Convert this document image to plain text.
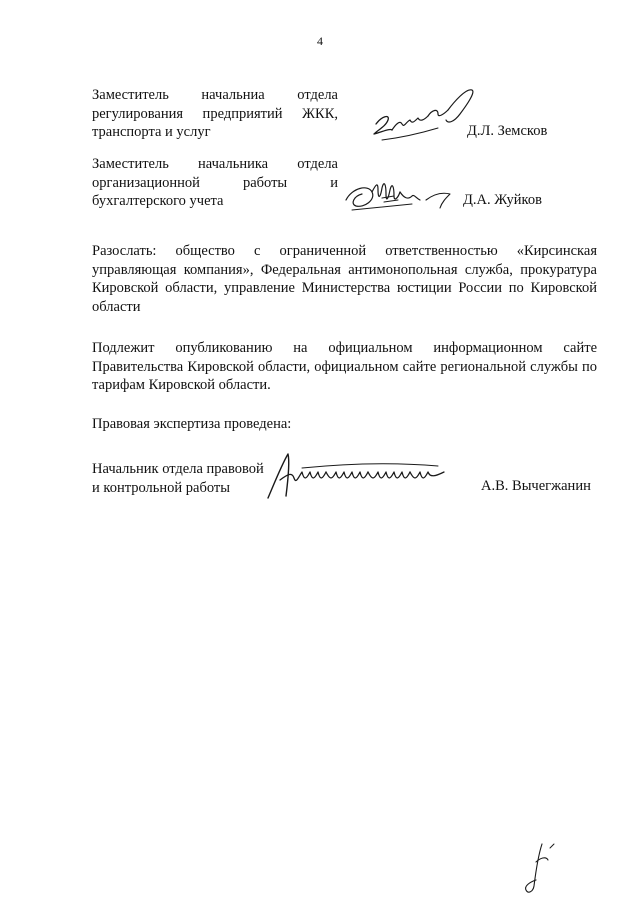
4
Заместитель начальниа отдела
регулирования предприятий ЖКК,
транспорта и услуг	Д.Л. Земсков
Заместитель начальника отдела
организационной работы и
бухгалтерского учета	Д.А. Жуйков
Разослать: общество с ограниченной ответственностью «Кирсинская управляющая компания», Федеральная антимонопольная служба, прокуратура Кировской области, управление Министерства юстиции России по Кировской области
Подлежит опубликованию на официальном информационном сайте Правительства Кировской области, официальном сайте региональной службы по тарифам Кировской области.
Правовая экспертиза проведена:
Начальник отдела правовой
и контрольной работы	А.В. Вычегжанин
